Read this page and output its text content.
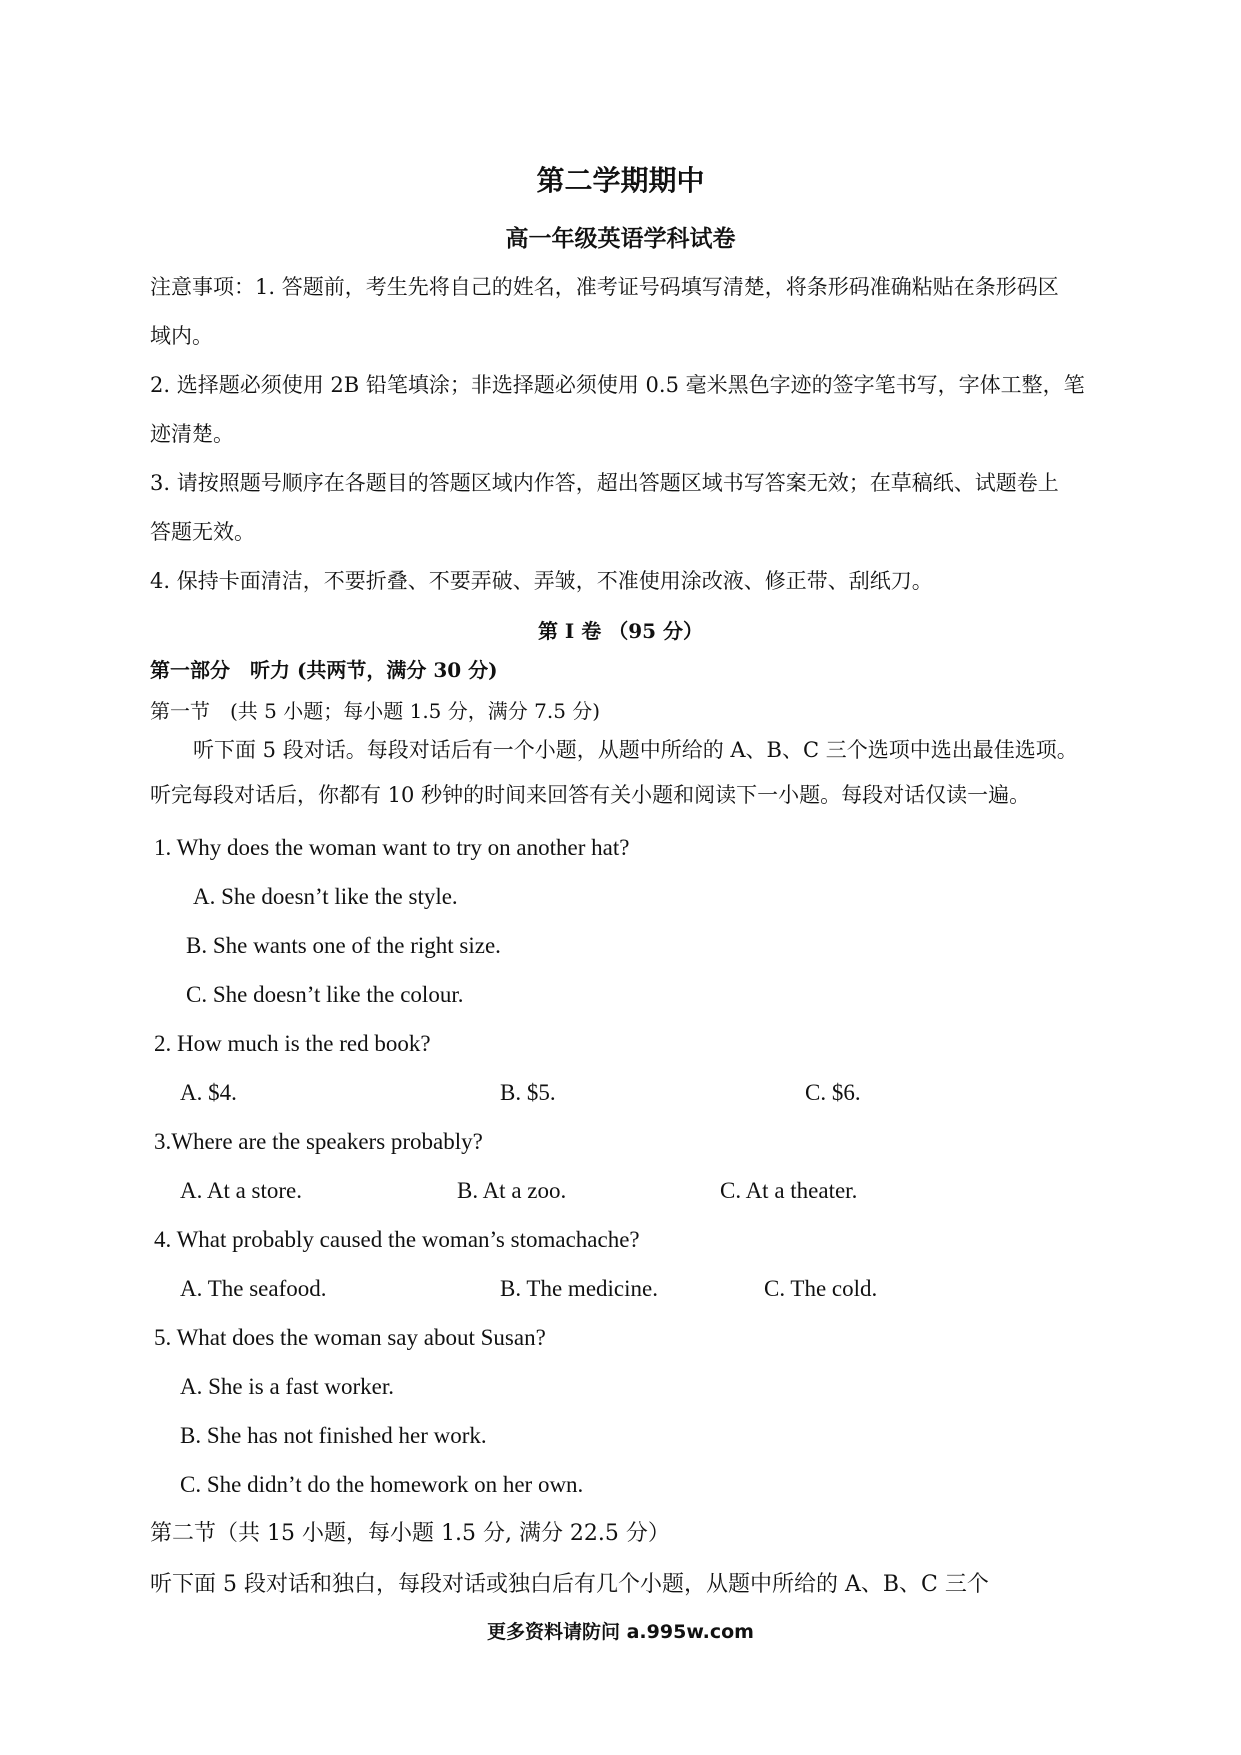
第二学期期中
高一年级英语学科试卷
注意事项：1. 答题前，考生先将自己的姓名，准考证号码填写清楚，将条形码准确粘贴在条形码区
域内。
2. 选择题必须使用 2B 铅笔填涂；非选择题必须使用 0.5 毫米黑色字迹的签字笔书写，字体工整，笔
迹清楚。
3. 请按照题号顺序在各题目的答题区域内作答，超出答题区域书写答案无效；在草稿纸、试题卷上
答题无效。
4. 保持卡面清洁，不要折叠、不要弄破、弄皱，不准使用涂改液、修正带、刮纸刀。
第 I 卷 （95 分）
第一部分　听力 (共两节，满分 30 分)
第一节　(共 5 小题；每小题 1.5 分，满分 7.5 分)
听下面 5 段对话。每段对话后有一个小题，从题中所给的 A、B、C 三个选项中选出最佳选项。
听完每段对话后，你都有 10 秒钟的时间来回答有关小题和阅读下一小题。每段对话仅读一遍。
1. Why does the woman want to try on another hat?
A. She doesn’t like the style.
B. She wants one of the right size.
C. She doesn’t like the colour.
2. How much is the red book?
A. $4.	B. $5.	C. $6.
3.Where are the speakers probably?
A. At a store.	B. At a zoo.	C. At a theater.
4. What probably caused the woman’s stomachache?
A. The seafood.	B. The medicine.	C. The cold.
5. What does the woman say about Susan?
A. She is a fast worker.
B. She has not finished her work.
C. She didn’t do the homework on her own.
第二节（共 15 小题，每小题 1.5 分, 满分 22.5 分）
听下面 5 段对话和独白，每段对话或独白后有几个小题，从题中所给的 A、B、C 三个
更多资料请防问 a.995w.com
